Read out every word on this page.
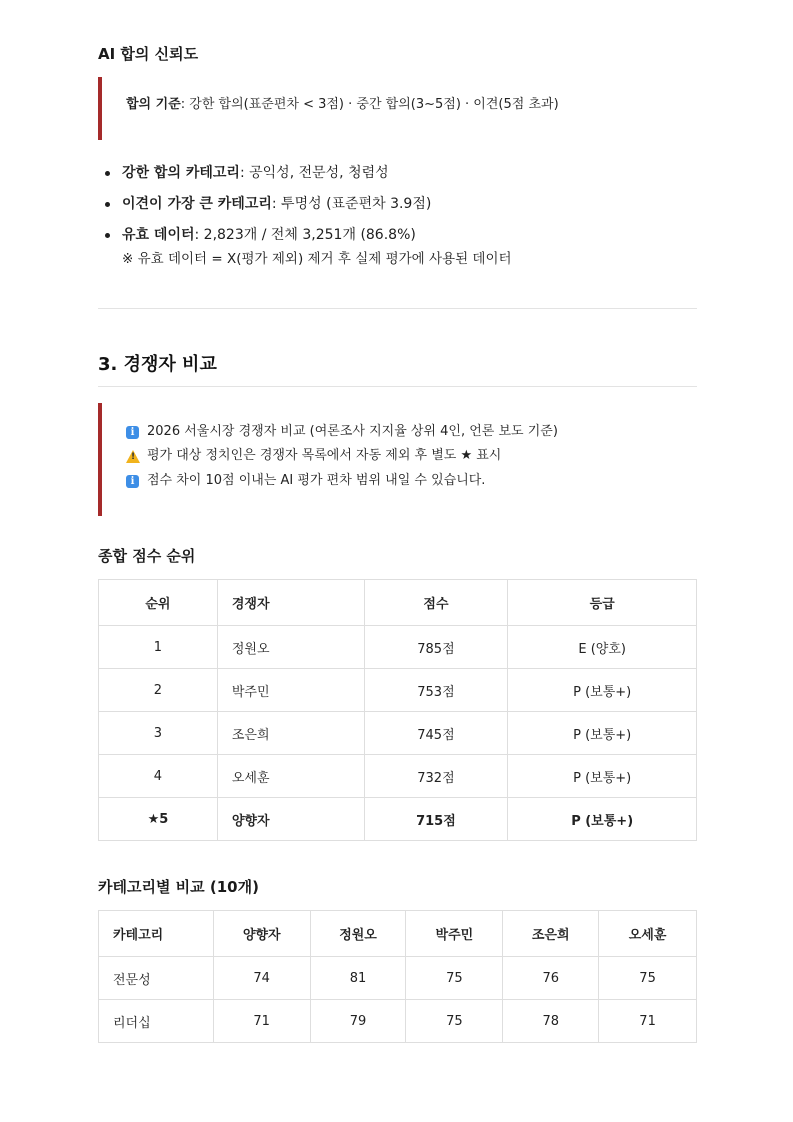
AI 합의 신뢰도
합의 기준: 강한 합의(표준편차 < 3점) · 중간 합의(3~5점) · 이견(5점 초과)
강한 합의 카테고리: 공익성, 전문성, 청렴성
이견이 가장 큰 카테고리: 투명성 (표준편차 3.9점)
유효 데이터: 2,823개 / 전체 3,251개 (86.8%)
※ 유효 데이터 = X(평가 제외) 제거 후 실제 평가에 사용된 데이터
3. 경쟁자 비교
i 2026 서울시장 경쟁자 비교 (여론조사 지지율 상위 4인, 언론 보도 기준)
! 평가 대상 정치인은 경쟁자 목록에서 자동 제외 후 별도 ★ 표시
i 점수 차이 10점 이내는 AI 평가 편차 범위 내일 수 있습니다.
종합 점수 순위
순위	경쟁자	점수	등급
1	정원오	785점	E (양호)
2	박주민	753점	P (보통+)
3	조은희	745점	P (보통+)
4	오세훈	732점	P (보통+)
★5	양향자	715점	P (보통+)
카테고리별 비교 (10개)
카테고리	양향자	정원오	박주민	조은희	오세훈
전문성	74	81	75	76	75
리더십	71	79	75	78	71
